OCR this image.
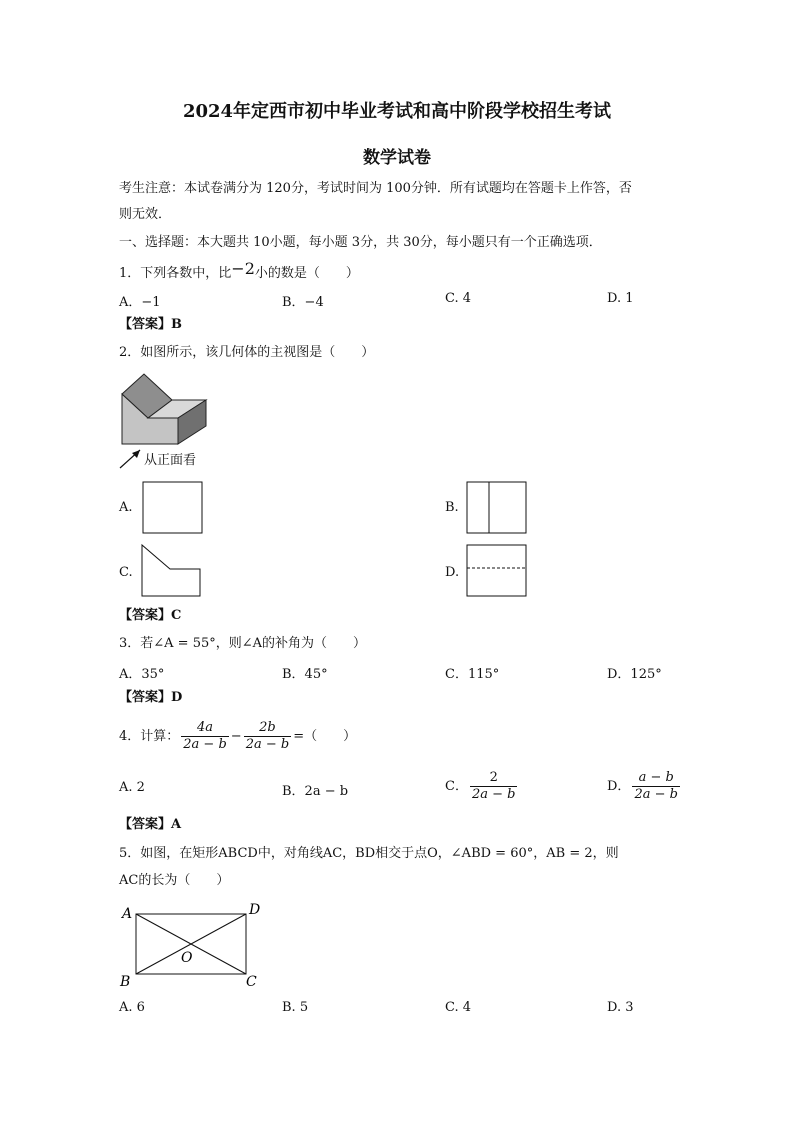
2024年定西市初中毕业考试和高中阶段学校招生考试
数学试卷
考生注意：本试卷满分为 120分，考试时间为 100分钟．所有试题均在答题卡上作答，否
则无效．
一、选择题：本大题共 10小题，每小题 3分，共 30分，每小题只有一个正确选项．
1．下列各数中，比−2小的数是（　　）
A．−1	B．−4	C. 4	D. 1
【答案】B
2．如图所示，该几何体的主视图是（　　）
从正面看
A.	B.
C.	D.
【答案】C
3．若∠A = 55°，则∠A的补角为（　　）
A．35°	B．45°	C．115°	D．125°
【答案】D
4．计算： $\frac{4a}{2a - b} - \frac{2b}{2a - b}$ =（　　）
A. 2	B．2a − b	C． $\frac{2}{2a - b}$	D． $\frac{a - b}{2a - b}$
【答案】A
5．如图，在矩形ABCD中，对角线AC，BD相交于点O，∠ABD = 60°，AB = 2，则
AC的长为（　　）
A	D
B	C
O
A. 6	B. 5	C. 4	D. 3
